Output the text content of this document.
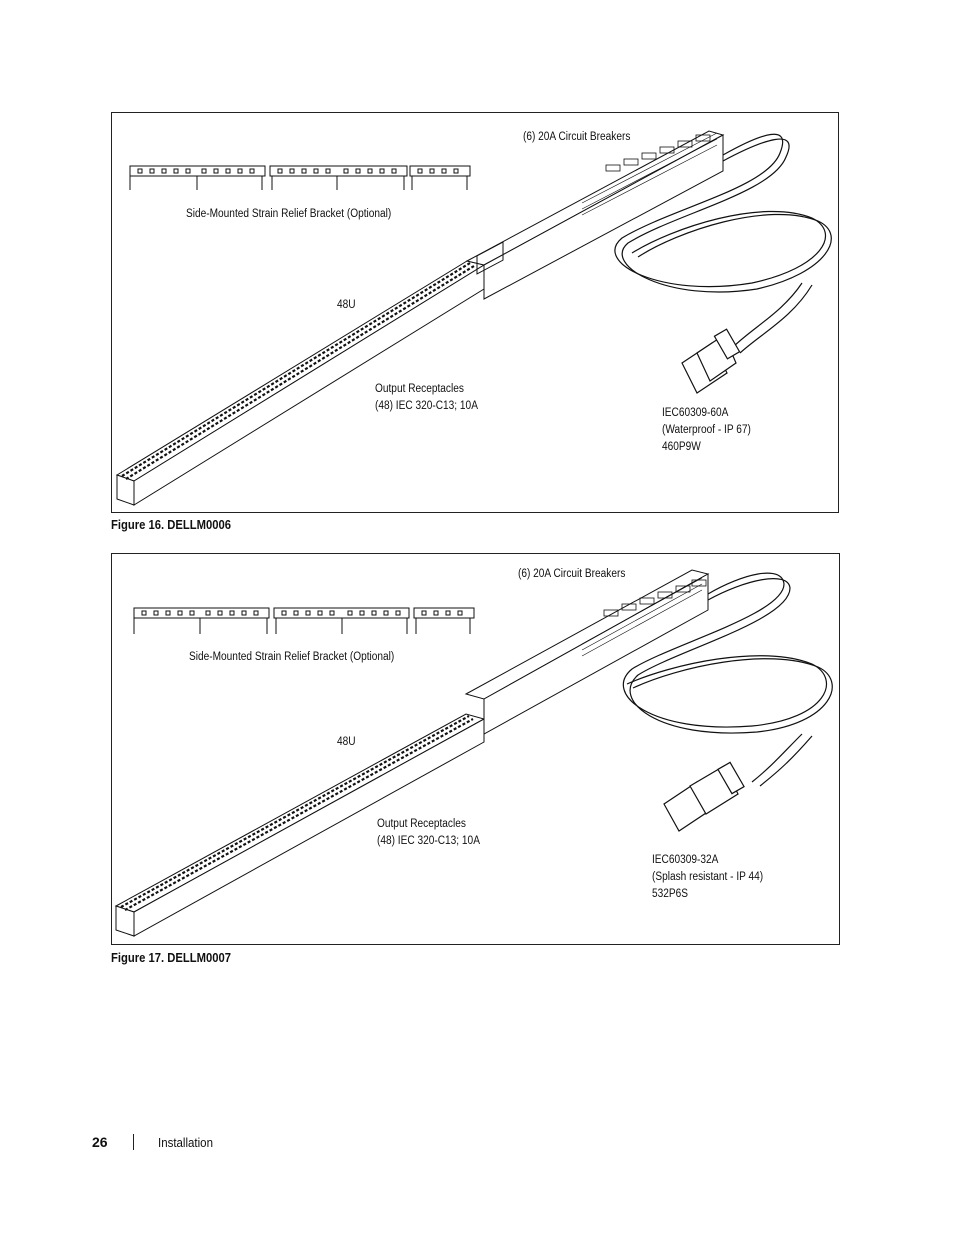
(6) 20A Circuit Breakers
Side-Mounted Strain Relief Bracket (Optional)
48U
Output Receptacles
(48) IEC 320-C13; 10A
IEC60309-60A
(Waterproof - IP 67)
460P9W
Figure 16. DELLM0006
(6) 20A Circuit Breakers
Side-Mounted Strain Relief Bracket (Optional)
48U
Output Receptacles
(48) IEC 320-C13; 10A
IEC60309-32A
(Splash resistant - IP 44)
532P6S
Figure 17. DELLM0007
26	Installation
